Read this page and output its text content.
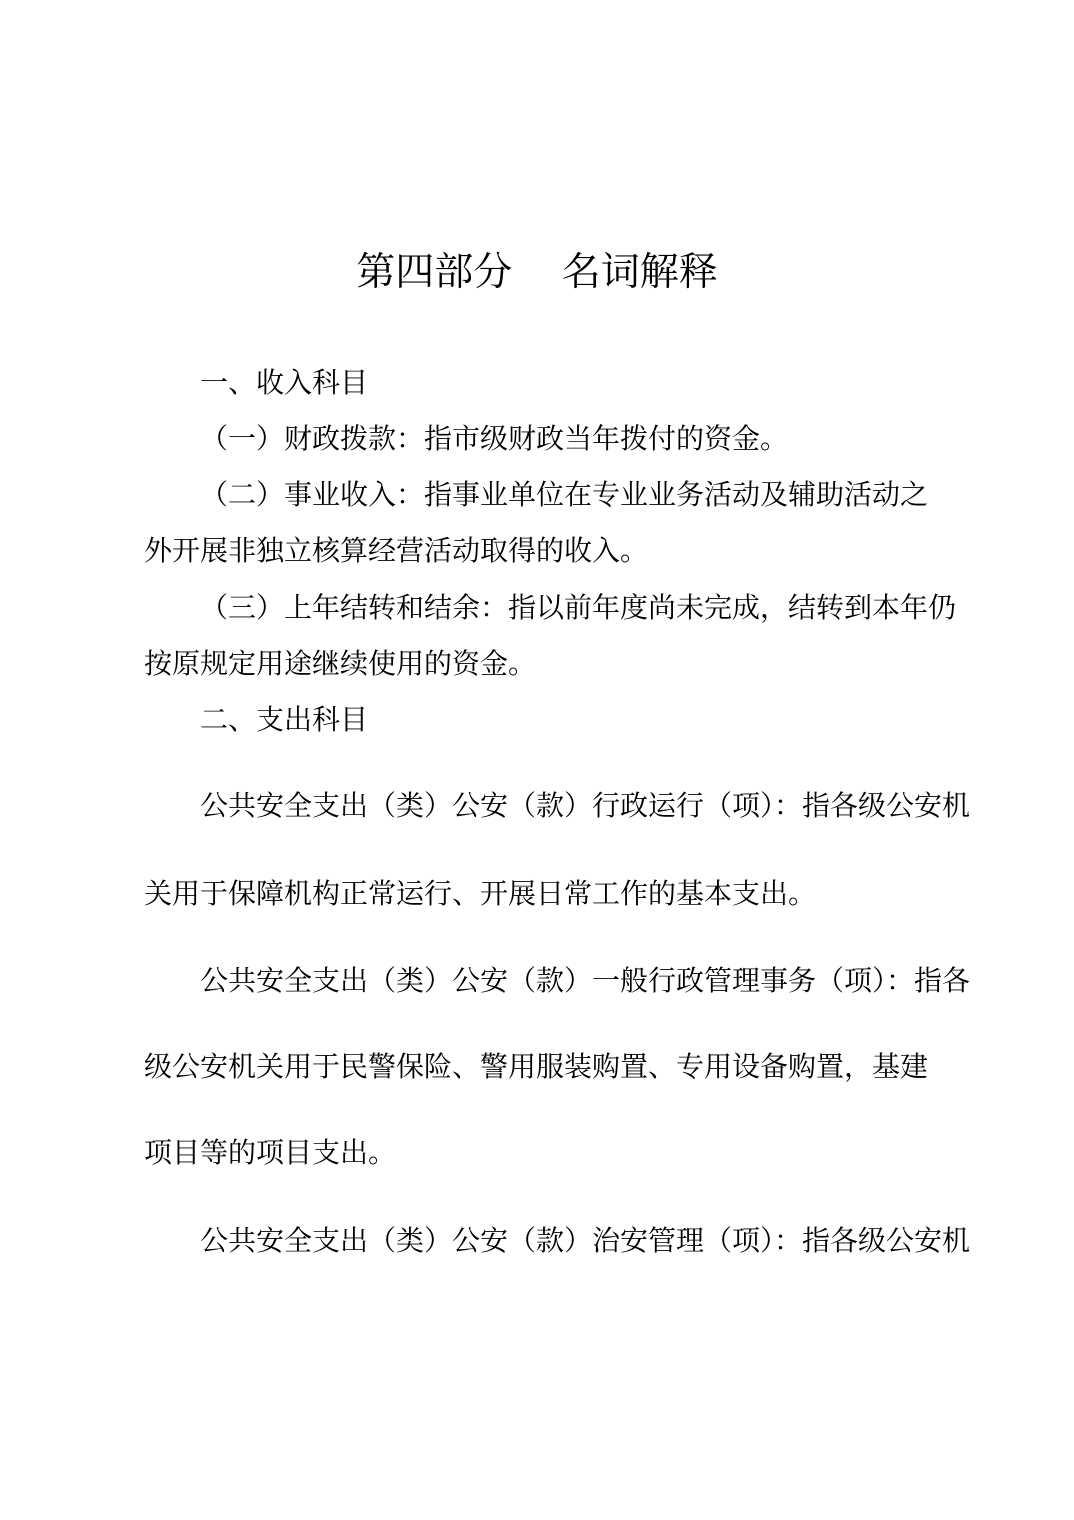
第四部分    名词解释
一、收入科目
（一）财政拨款：指市级财政当年拨付的资金。
（二）事业收入：指事业单位在专业业务活动及辅助活动之
外开展非独立核算经营活动取得的收入。
（三）上年结转和结余：指以前年度尚未完成，结转到本年仍
按原规定用途继续使用的资金。
二、支出科目
公共安全支出（类）公安（款）行政运行（项）：指各级公安机
关用于保障机构正常运行、开展日常工作的基本支出。
公共安全支出（类）公安（款）一般行政管理事务（项）：指各
级公安机关用于民警保险、警用服装购置、专用设备购置，基建
项目等的项目支出。
公共安全支出（类）公安（款）治安管理（项）：指各级公安机
